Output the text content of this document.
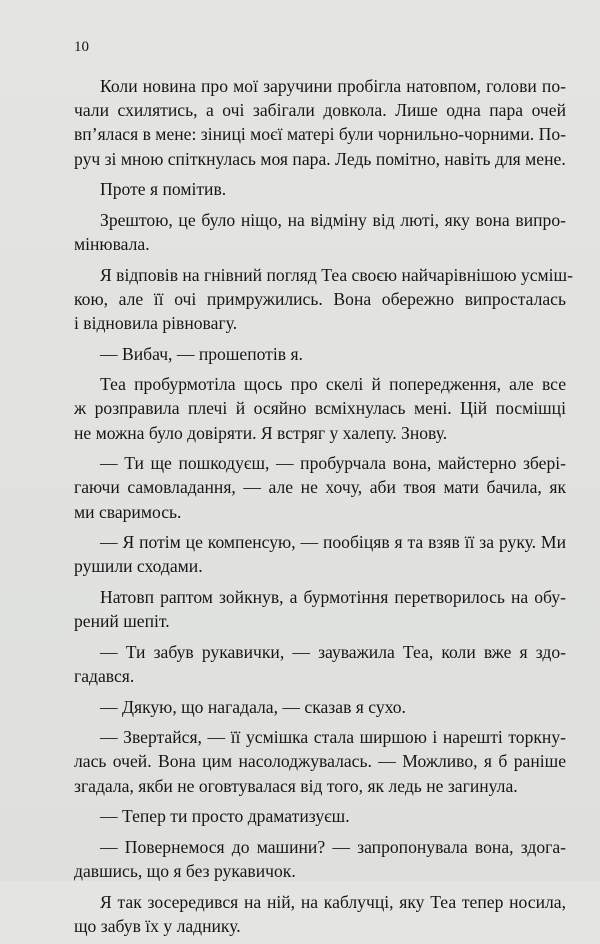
10
Коли новина про мої заручини пробігла натовпом, голови по-
чали схилятись, а очі забігали довкола. Лише одна пара очей
вп’ялася в мене: зіниці моєї матері були чорнильно-чорними. По-
руч зі мною спіткнулась моя пара. Ледь помітно, навіть для мене.
Проте я помітив.
Зрештою, це було ніщо, на відміну від люті, яку вона випро-
мінювала.
Я відповів на гнівний погляд Теа своєю найчарівнішою усміш-
кою, але її очі примружились. Вона обережно випросталась
і відновила рівновагу.
— Вибач, — прошепотів я.
Теа пробурмотіла щось про скелі й попередження, але все
ж розправила плечі й осяйно всміхнулась мені. Цій посмішці
не можна було довіряти. Я встряг у халепу. Знову.
— Ти ще пошкодуєш, — пробурчала вона, майстерно зберi-
гаючи самовладання, — але не хочу, аби твоя мати бачила, як
ми сваримось.
— Я потім це компенсую, — пообіцяв я та взяв її за руку. Ми
рушили сходами.
Натовп раптом зойкнув, а бурмотіння перетворилось на обу-
рений шепіт.
— Ти забув рукавички, — зауважила Теа, коли вже я здо-
гадався.
— Дякую, що нагадала, — сказав я сухо.
— Звертайся, — її усмішка стала ширшою і нарешті торкну-
лась очей. Вона цим насолоджувалась. — Можливо, я б раніше
згадала, якби не оговтувалася від того, як ледь не загинула.
— Тепер ти просто драматизуєш.
— Повернемося до машини? — запропонувала вона, здога-
давшись, що я без рукавичок.
Я так зосередився на ній, на каблучці, яку Теа тепер носила,
що забув їх у ладнику.
